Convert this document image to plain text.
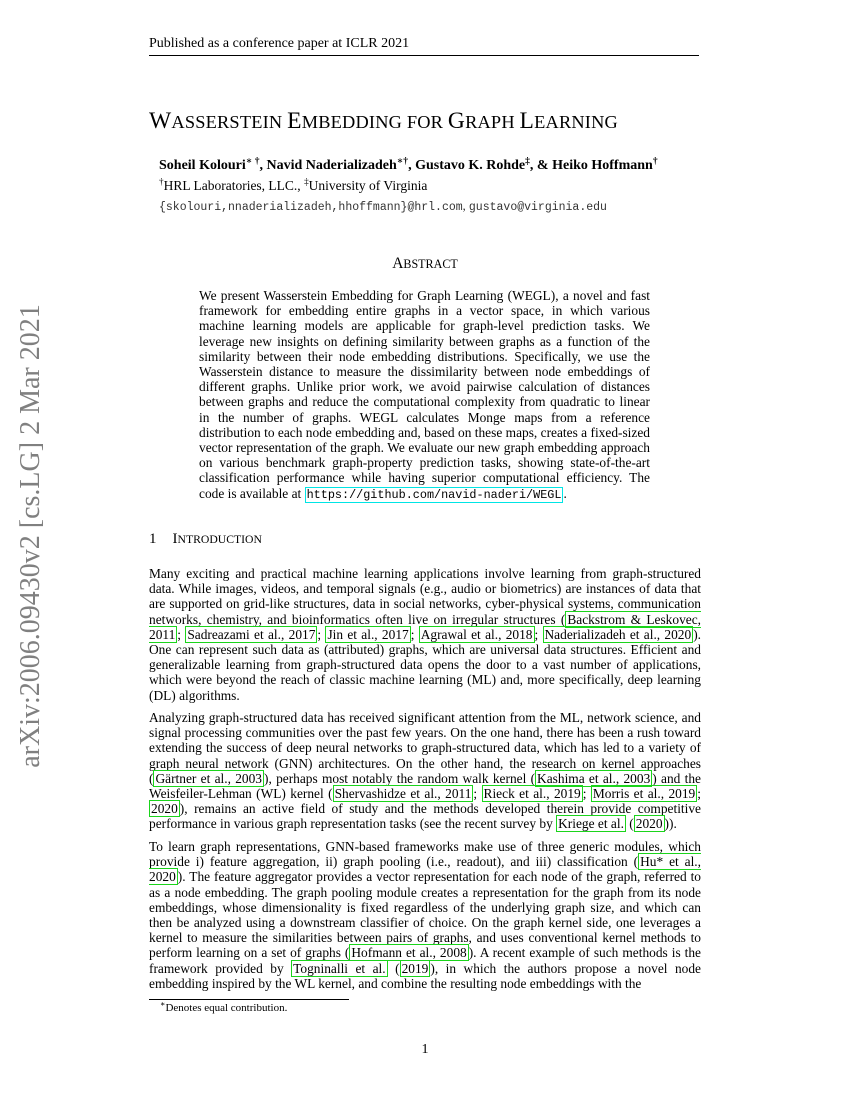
Published as a conference paper at ICLR 2021
arXiv:2006.09430v2 [cs.LG] 2 Mar 2021
WASSERSTEIN EMBEDDING FOR GRAPH LEARNING
Soheil Kolouri∗ †, Navid Naderializadeh∗†, Gustavo K. Rohde‡, & Heiko Hoffmann†
†HRL Laboratories, LLC., ‡University of Virginia
{skolouri,nnaderializadeh,hhoffmann}@hrl.com, gustavo@virginia.edu
ABSTRACT
We present Wasserstein Embedding for Graph Learning (WEGL), a novel and fast framework for embedding entire graphs in a vector space, in which various machine learning models are applicable for graph-level prediction tasks. We leverage new insights on defining similarity between graphs as a function of the similarity between their node embedding distributions. Specifically, we use the Wasserstein distance to measure the dissimilarity between node embeddings of different graphs. Unlike prior work, we avoid pairwise calculation of distances between graphs and reduce the computational complexity from quadratic to linear in the number of graphs. WEGL calculates Monge maps from a reference distribution to each node embedding and, based on these maps, creates a fixed-sized vector representation of the graph. We evaluate our new graph embedding approach on various benchmark graph-property prediction tasks, showing state-of-the-art classification performance while having superior computational efficiency. The code is available at https://github.com/navid-naderi/WEGL .
1 INTRODUCTION
Many exciting and practical machine learning applications involve learning from graph-structured data. While images, videos, and temporal signals (e.g., audio or biometrics) are instances of data that are supported on grid-like structures, data in social networks, cyber-physical systems, communication networks, chemistry, and bioinformatics often live on irregular structures ( Backstrom & Leskovec, 2011 ; Sadreazami et al., 2017 ; Jin et al., 2017 ; Agrawal et al., 2018 ; Naderializadeh et al., 2020 ). One can represent such data as (attributed) graphs, which are universal data structures. Efficient and generalizable learning from graph-structured data opens the door to a vast number of applications, which were beyond the reach of classic machine learning (ML) and, more specifically, deep learning (DL) algorithms.
Analyzing graph-structured data has received significant attention from the ML, network science, and signal processing communities over the past few years. On the one hand, there has been a rush toward extending the success of deep neural networks to graph-structured data, which has led to a variety of graph neural network (GNN) architectures. On the other hand, the research on kernel approaches ( Gärtner et al., 2003 ), perhaps most notably the random walk kernel ( Kashima et al., 2003 ) and the Weisfeiler-Lehman (WL) kernel ( Shervashidze et al., 2011 ; Rieck et al., 2019 ; Morris et al., 2019 ; 2020 ), remains an active field of study and the methods developed therein provide competitive performance in various graph representation tasks (see the recent survey by Kriege et al. ( 2020 )).
To learn graph representations, GNN-based frameworks make use of three generic modules, which provide i) feature aggregation, ii) graph pooling (i.e., readout), and iii) classification ( Hu* et al., 2020 ). The feature aggregator provides a vector representation for each node of the graph, referred to as a node embedding. The graph pooling module creates a representation for the graph from its node embeddings, whose dimensionality is fixed regardless of the underlying graph size, and which can then be analyzed using a downstream classifier of choice. On the graph kernel side, one leverages a kernel to measure the similarities between pairs of graphs, and uses conventional kernel methods to perform learning on a set of graphs ( Hofmann et al., 2008 ). A recent example of such methods is the framework provided by Togninalli et al. ( 2019 ), in which the authors propose a novel node embedding inspired by the WL kernel, and combine the resulting node embeddings with the
∗Denotes equal contribution.
1
